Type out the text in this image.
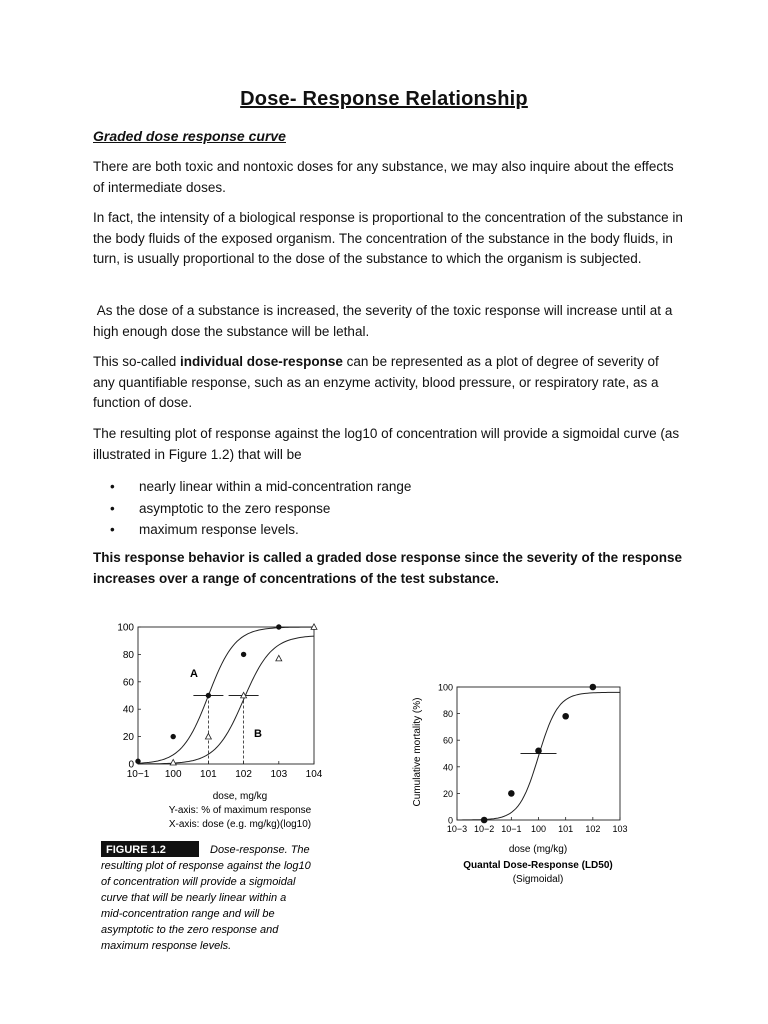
Dose- Response Relationship
Graded dose response curve

There are both toxic and nontoxic doses for any substance, we may also inquire about the effects of intermediate doses.

In fact, the intensity of a biological response is proportional to the concentration of the substance in the body fluids of the exposed organism. The concentration of the substance in the body fluids, in turn, is usually proportional to the dose of the substance to which the organism is subjected.

As the dose of a substance is increased, the severity of the toxic response will increase until at a high enough dose the substance will be lethal.

This so-called individual dose-response can be represented as a plot of degree of severity of any quantifiable response, such as an enzyme activity, blood pressure, or respiratory rate, as a function of dose.

The resulting plot of response against the log10 of concentration will provide a sigmoidal curve (as illustrated in Figure 1.2) that will be

• nearly linear within a mid-concentration range
• asymptotic to the zero response
• maximum response levels.

This response behavior is called a graded dose response since the severity of the response increases over a range of concentrations of the test substance.

0
20
40
60
80
100
10−1 100 101 102 103 104
A
B
dose, mg/kg
Y-axis: % of maximum response
X-axis: dose (e.g. mg/kg)(log10)
FIGURE 1.2	Dose-response. The
resulting plot of response against the log10
of concentration will provide a sigmoidal
curve that will be nearly linear within a
mid-concentration range and will be
asymptotic to the zero response and
maximum response levels.
0
20
40
60
80
100
10−3 10−2 10−1 100 101 102 103
Cumulative mortality (%)
dose (mg/kg)
Quantal Dose-Response (LD50)
(Sigmoidal)
